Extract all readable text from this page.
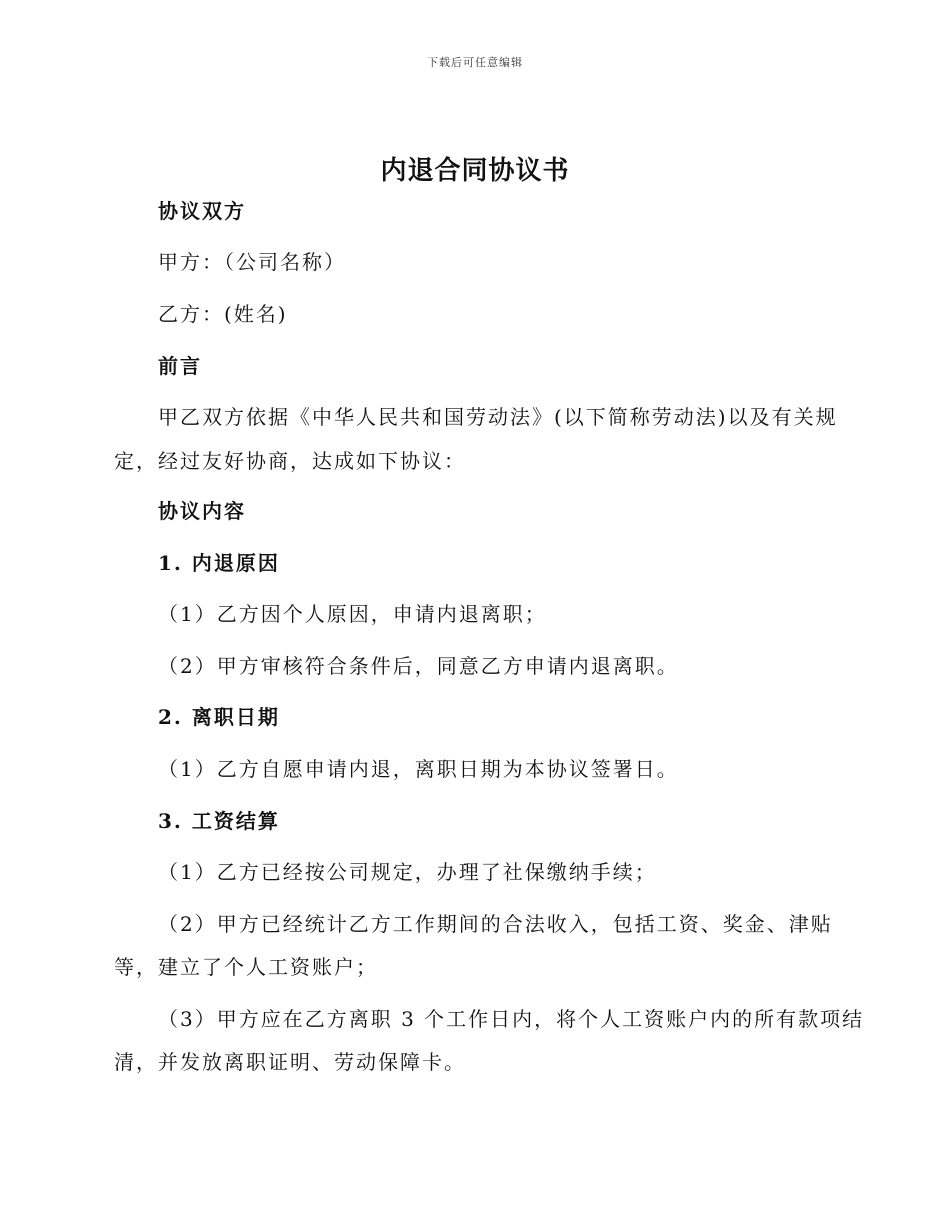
下载后可任意编辑
内退合同协议书
协议双方
甲方：（公司名称）
乙方：(姓名)
前言
甲乙双方依据《中华人民共和国劳动法》(以下简称劳动法)以及有关规
定，经过友好协商，达成如下协议：
协议内容
1. 内退原因
（1）乙方因个人原因，申请内退离职；
（2）甲方审核符合条件后，同意乙方申请内退离职。
2. 离职日期
（1）乙方自愿申请内退，离职日期为本协议签署日。
3. 工资结算
（1）乙方已经按公司规定，办理了社保缴纳手续；
（2）甲方已经统计乙方工作期间的合法收入，包括工资、奖金、津贴
等，建立了个人工资账户；
（3）甲方应在乙方离职 3 个工作日内，将个人工资账户内的所有款项结
清，并发放离职证明、劳动保障卡。
